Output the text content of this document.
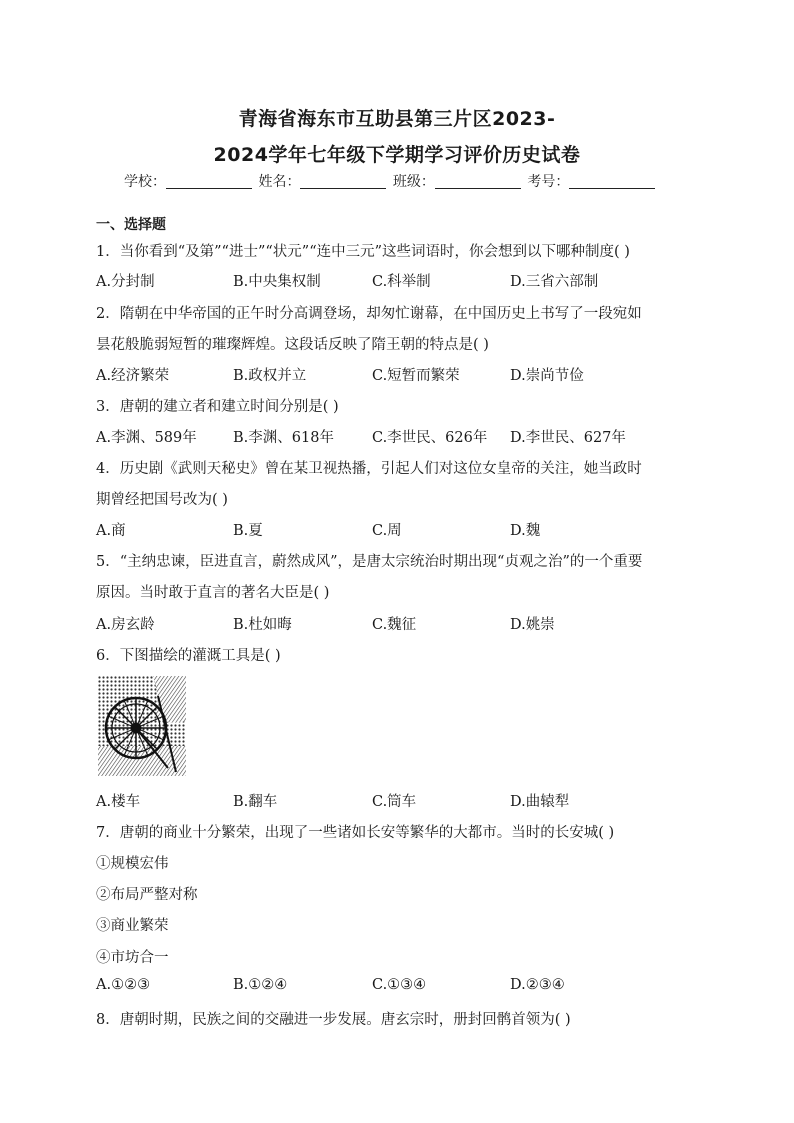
青海省海东市互助县第三片区2023-
2024学年七年级下学期学习评价历史试卷
学校：	姓名：	班级：	考号：
一、选择题
1．当你看到“及第”“进士”“状元”“连中三元”这些词语时，你会想到以下哪种制度( )
A.分封制	B.中央集权制	C.科举制	D.三省六部制
2．隋朝在中华帝国的正午时分高调登场，却匆忙谢幕，在中国历史上书写了一段宛如
昙花般脆弱短暂的璀璨辉煌。这段话反映了隋王朝的特点是( )
A.经济繁荣	B.政权并立	C.短暂而繁荣	D.崇尚节俭
3．唐朝的建立者和建立时间分别是( )
A.李渊、589年 B.李渊、618年	C.李世民、626年 D.李世民、627年
4．历史剧《武则天秘史》曾在某卫视热播，引起人们对这位女皇帝的关注，她当政时
期曾经把国号改为( )
A.商	B.夏	C.周	D.魏
5．“主纳忠谏，臣进直言，蔚然成风”，是唐太宗统治时期出现“贞观之治”的一个重要
原因。当时敢于直言的著名大臣是( )
A.房玄龄	B.杜如晦	C.魏征	D.姚崇
6．下图描绘的灌溉工具是( )
A.楼车	B.翻车	C.筒车	D.曲辕犁
7．唐朝的商业十分繁荣，出现了一些诸如长安等繁华的大都市。当时的长安城( )
①规模宏伟
②布局严整对称
③商业繁荣
④市坊合一
A.①②③	B.①②④	C.①③④	D.②③④
8．唐朝时期，民族之间的交融进一步发展。唐玄宗时，册封回鹘首领为( )
